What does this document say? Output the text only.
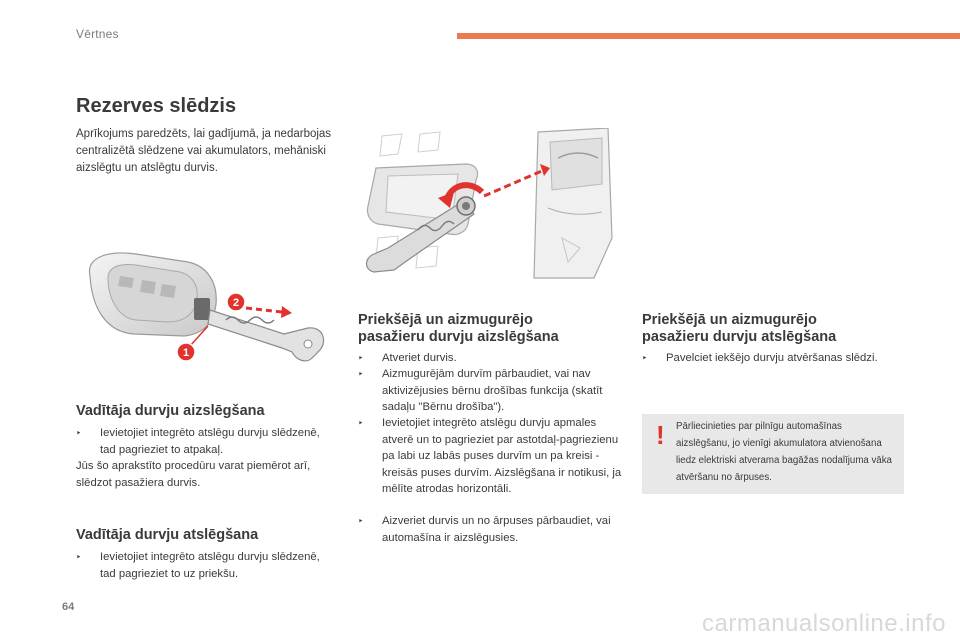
Vērtnes
Rezerves slēdzis

Aprīkojums paredzēts, lai gadījumā, ja nedarbojas centralizētā slēdzene vai akumulators, mehāniski aizslēgtu un atslēgtu durvis.

2
1
Vadītāja durvju aizslēgšana
‣	Ievietojiet integrēto atslēgu durvju slēdzenē, tad pagrieziet to atpakaļ.

Jūs šo aprakstīto procedūru varat piemērot arī, slēdzot pasažiera durvis.

Vadītāja durvju atslēgšana
‣	Ievietojiet integrēto atslēgu durvju slēdzenē, tad pagrieziet to uz priekšu.
Priekšējā un aizmugurējo
pasažieru durvju aizslēgšana
‣	Atveriet durvis.
‣	Aizmugurējām durvīm pārbaudiet, vai nav aktivizējusies bērnu drošības funkcija (skatīt sadaļu "Bērnu drošība").
‣	Ievietojiet integrēto atslēgu durvju apmales atverē un to pagrieziet par astotdaļ-pagriezienu pa labi uz labās puses durvīm un pa kreisi - kreisās puses durvīm. Aizslēgšana ir notikusi, ja mēlīte atrodas horizontāli.
‣	Aizveriet durvis un no ārpuses pārbaudiet, vai automašīna ir aizslēgusies.
Priekšējā un aizmugurējo
pasažieru durvju atslēgšana
‣	Pavelciet iekšējo durvju atvēršanas slēdzi.
! Pārliecinieties par pilnīgu automašīnas aizslēgšanu, jo vienīgi akumulatora atvienošana liedz elektriski atverama bagāžas nodalījuma vāka atvēršanu no ārpuses.

64
carmanualsonline.info
